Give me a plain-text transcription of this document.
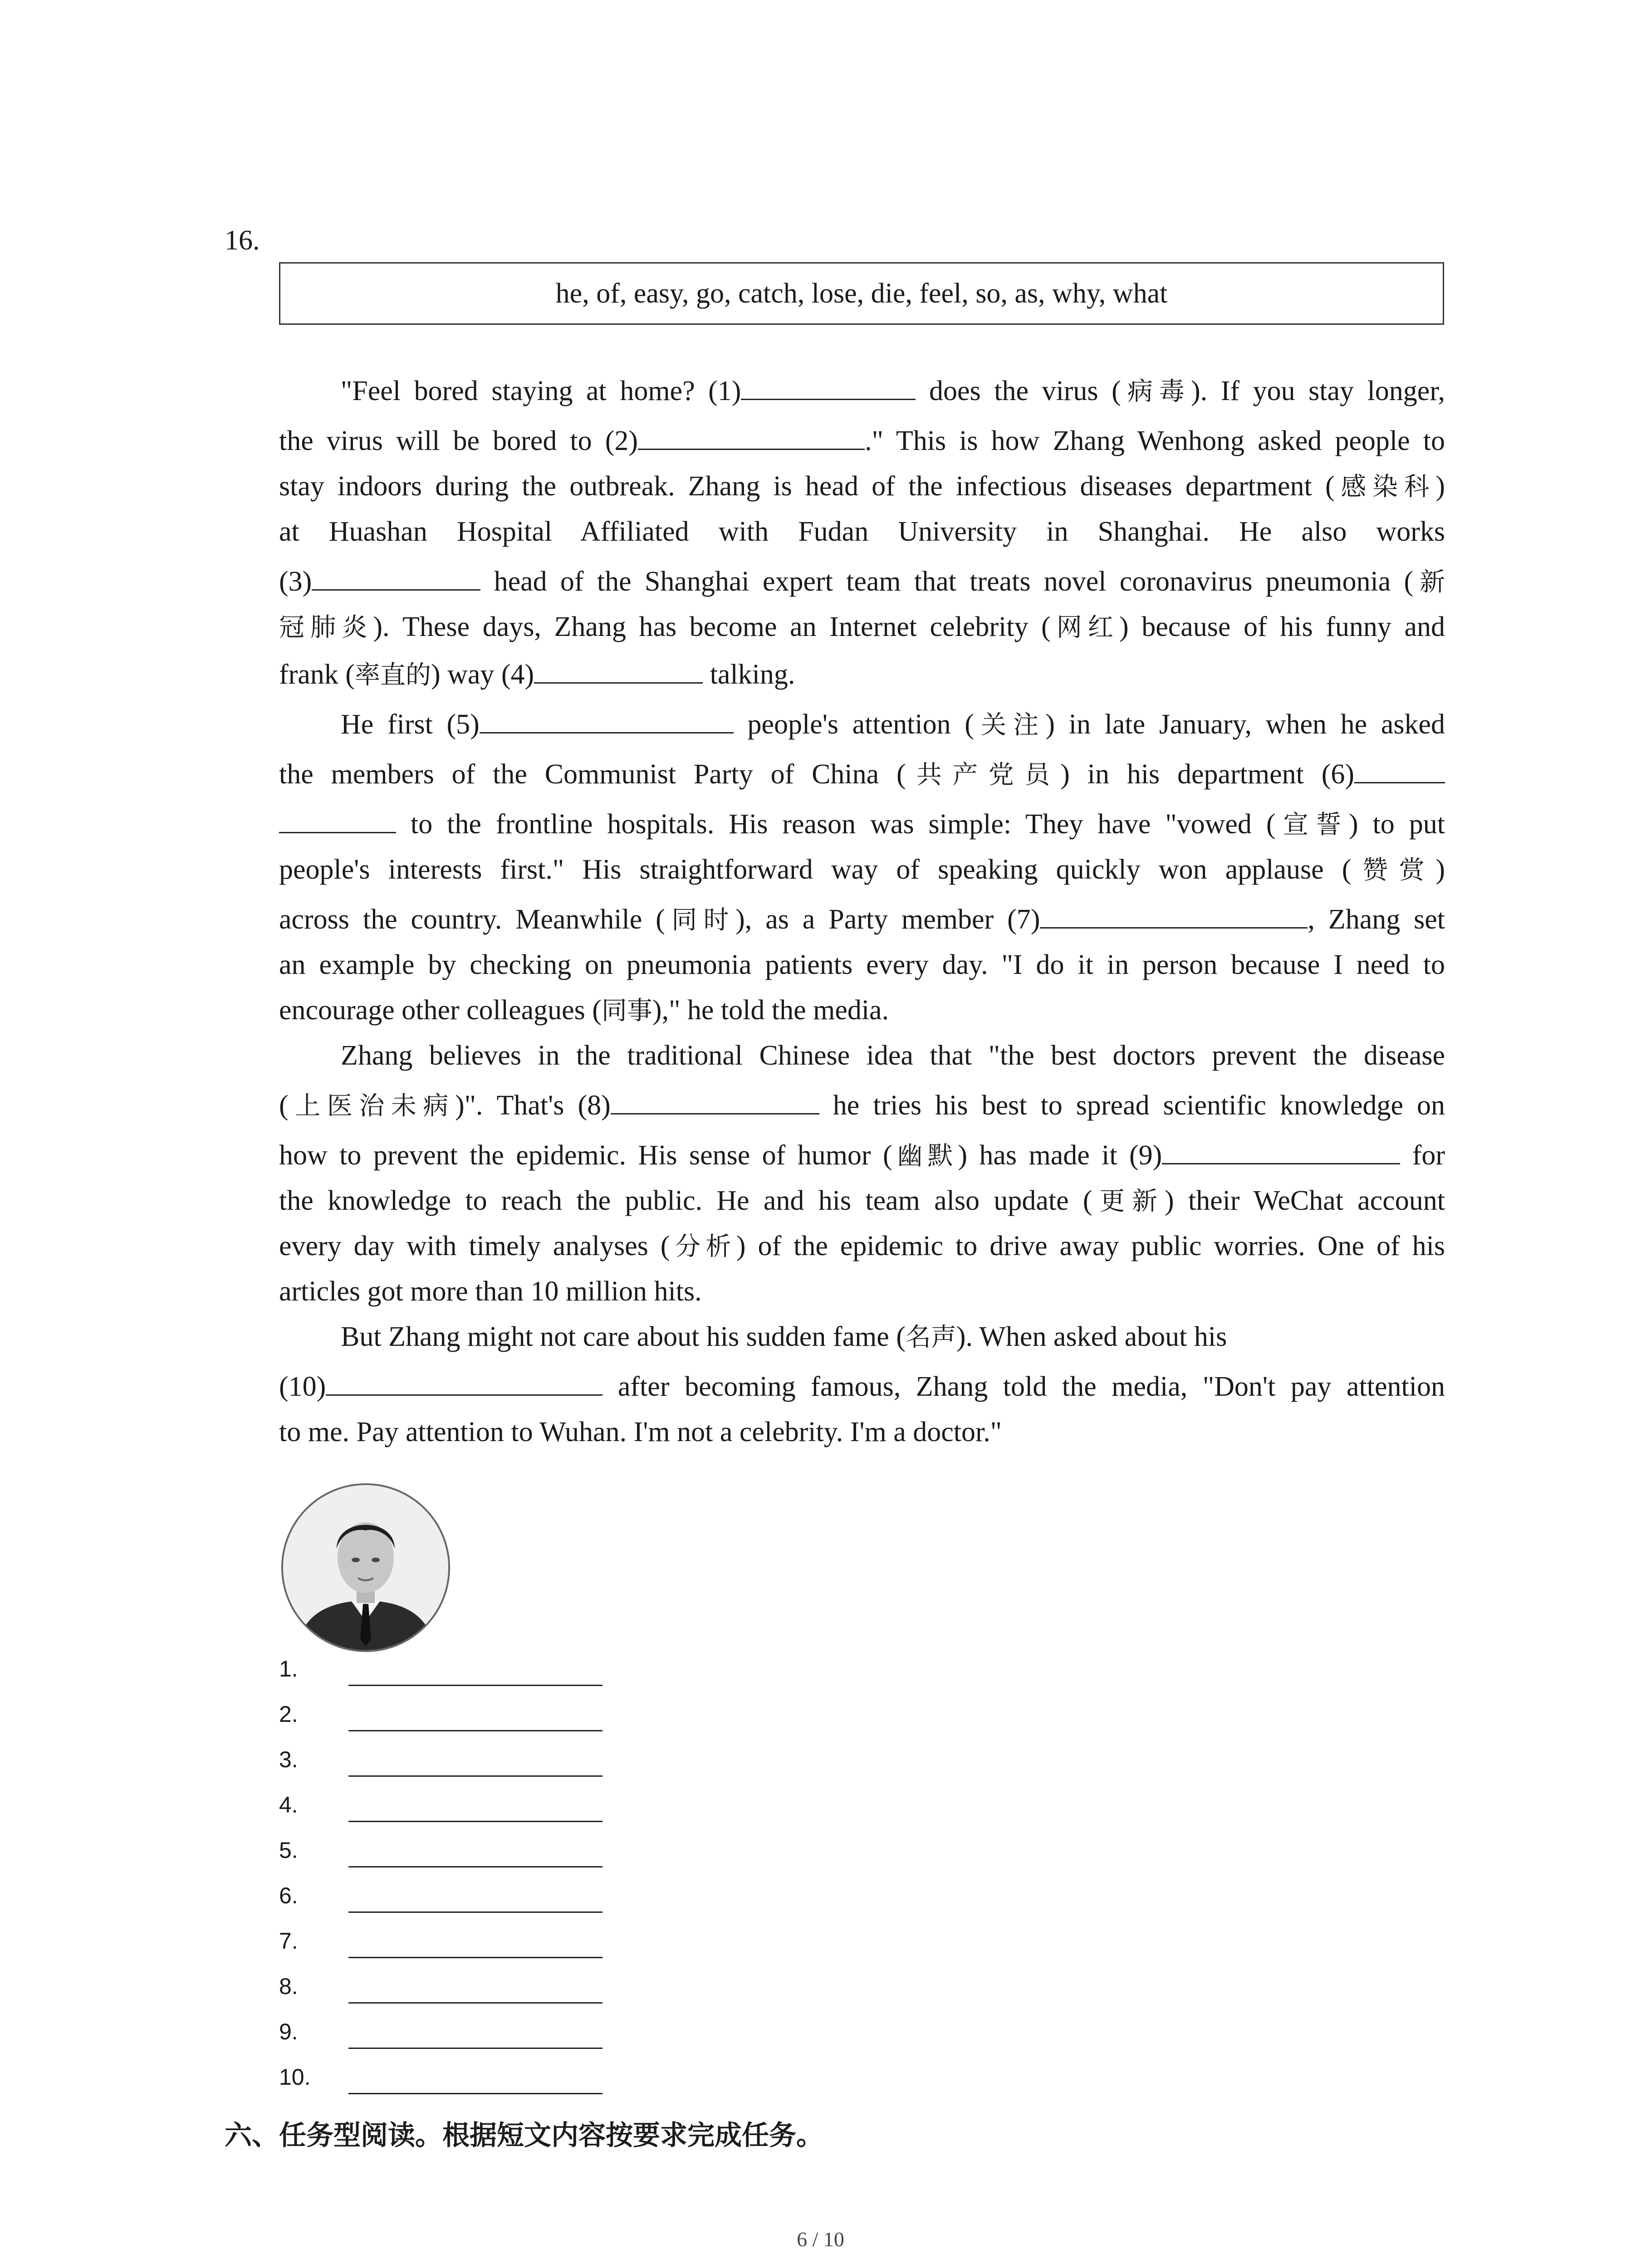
16.
he, of, easy, go, catch, lose, die, feel, so, as, why, what
"Feel bored staying at home? (1)	does the virus (病毒). If you stay longer,
the virus will be bored to (2)	." This is how Zhang Wenhong asked people to
stay indoors during the outbreak. Zhang is head of the infectious diseases department (感染科)
at Huashan Hospital Affiliated with Fudan University in Shanghai. He also works
(3)	head of the Shanghai expert team that treats novel coronavirus pneumonia (新
冠肺炎). These days, Zhang has become an Internet celebrity (网红) because of his funny and
frank (率直的) way (4)	talking.
He first (5)	people's attention (关注) in late January, when he asked
the members of the Communist Party of China (共产党员) in his department (6)
to the frontline hospitals. His reason was simple: They have "vowed (宣誓) to put
people's interests first." His straightforward way of speaking quickly won applause (赞赏)
across the country. Meanwhile (同时), as a Party member (7)	, Zhang set
an example by checking on pneumonia patients every day. "I do it in person because I need to
encourage other colleagues (同事)," he told the media.
Zhang believes in the traditional Chinese idea that "the best doctors prevent the disease
(上医治未病)". That's (8)	he tries his best to spread scientific knowledge on
how to prevent the epidemic. His sense of humor (幽默) has made it (9)	for
the knowledge to reach the public. He and his team also update (更新) their WeChat account
every day with timely analyses (分析) of the epidemic to drive away public worries. One of his
articles got more than 10 million hits.
But Zhang might not care about his sudden fame (名声). When asked about his
(10)	after becoming famous, Zhang told the media, "Don't pay attention
to me. Pay attention to Wuhan. I'm not a celebrity. I'm a doctor."
1.
2.
3.
4.
5.
6.
7.
8.
9.
10.
六、任务型阅读。根据短文内容按要求完成任务。
6 / 10
